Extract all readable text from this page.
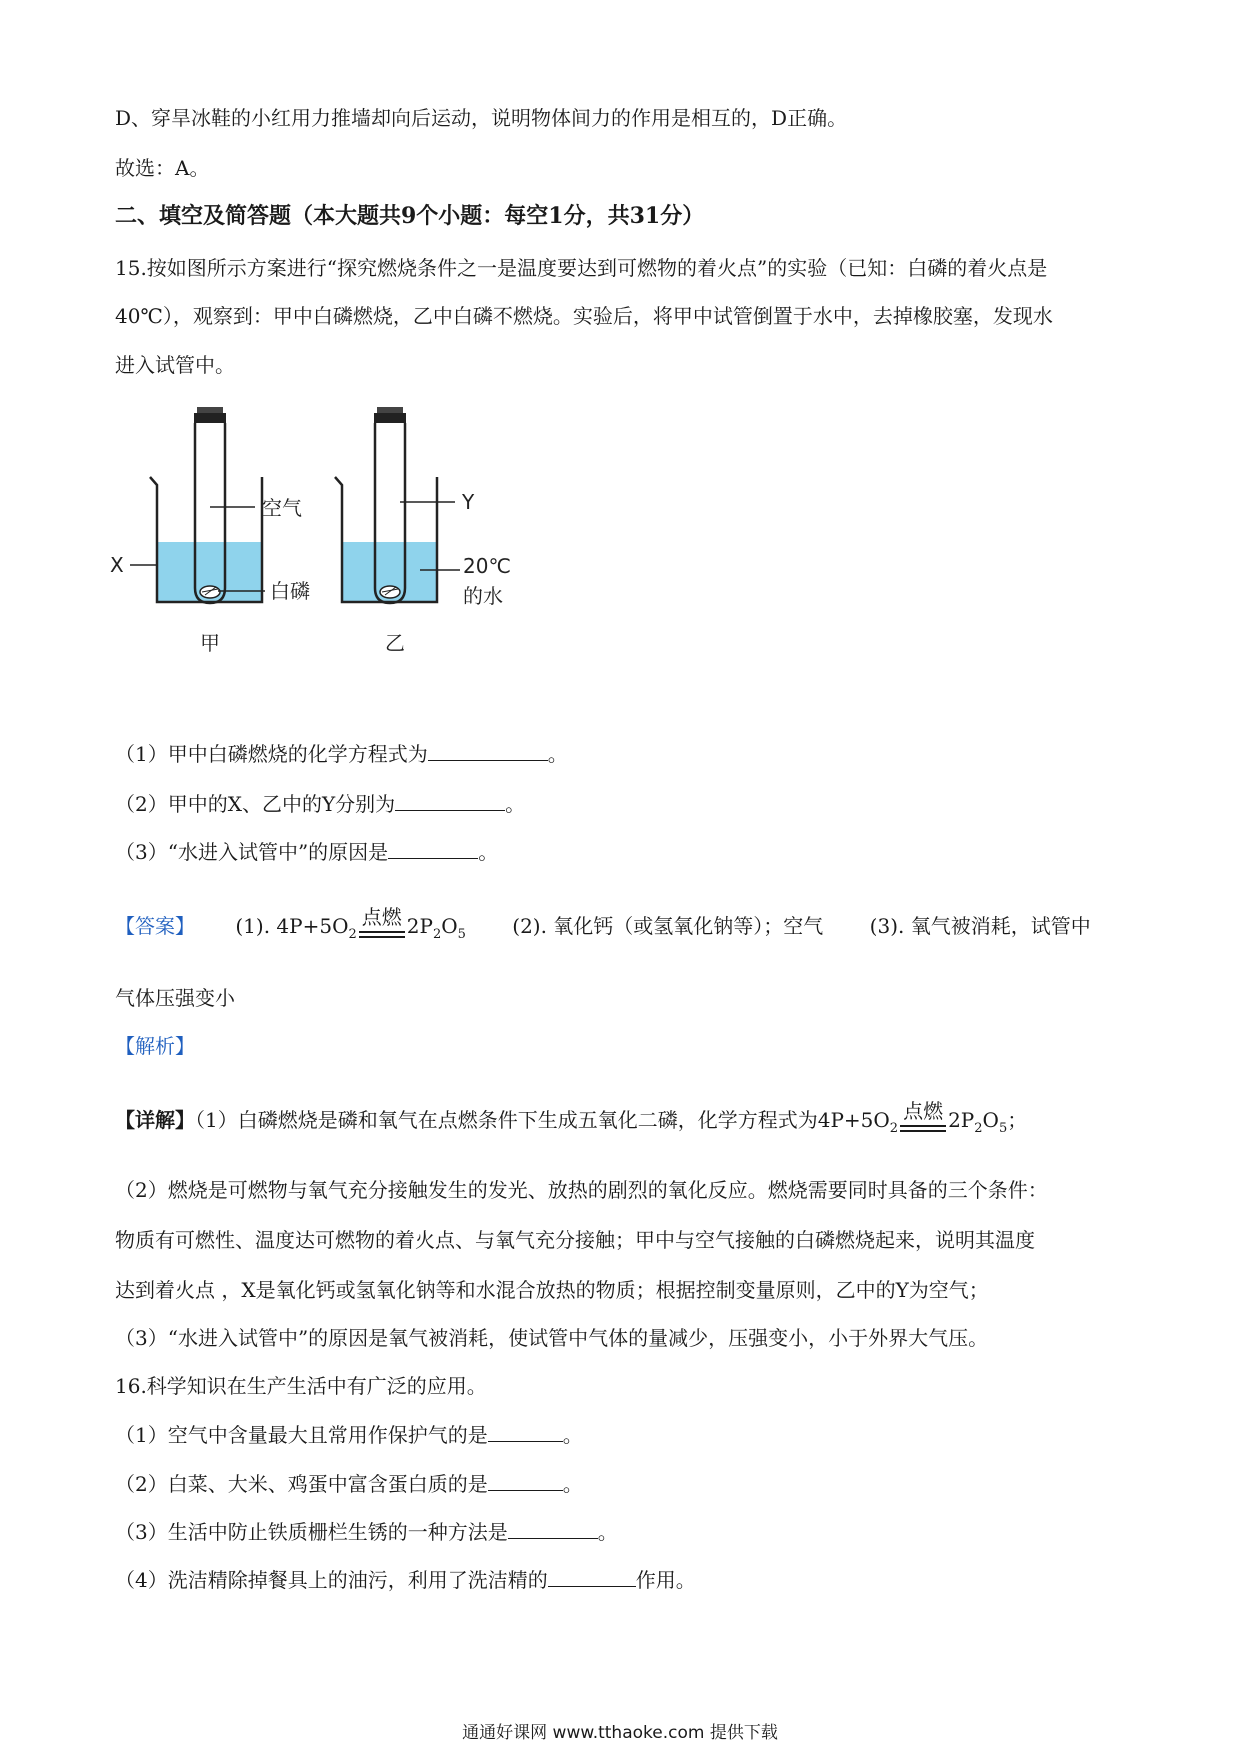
D、穿旱冰鞋的小红用力推墙却向后运动，说明物体间力的作用是相互的，D正确。
故选：A。
二、填空及简答题（本大题共9个小题：每空1分，共31分）
15.按如图所示方案进行“探究燃烧条件之一是温度要达到可燃物的着火点”的实验（已知：白磷的着火点是
40℃），观察到：甲中白磷燃烧，乙中白磷不燃烧。实验后，将甲中试管倒置于水中，去掉橡胶塞，发现水
进入试管中。
空气
X
白磷
Y
20℃
的水
甲	乙
（1）甲中白磷燃烧的化学方程式为	。
（2）甲中的X、乙中的Y分别为	。
（3）“水进入试管中”的原因是	。
【答案】 (1). $4P+5O_2$
点燃 $2P_2O_5$ (2). 氧化钙（或氢氧化钠等）；空气 (3). 氧气被消耗，试管中
气体压强变小
【解析】
【详解】（1）白磷燃烧是磷和氧气在点燃条件下生成五氧化二磷，化学方程式为$4P+5O_2$
点燃 $2P_2O_5$；
（2）燃烧是可燃物与氧气充分接触发生的发光、放热的剧烈的氧化反应。燃烧需要同时具备的三个条件：
物质有可燃性、温度达可燃物的着火点、与氧气充分接触；甲中与空气接触的白磷燃烧起来，说明其温度
达到着火点 ，X是氧化钙或氢氧化钠等和水混合放热的物质；根据控制变量原则，乙中的Y为空气；
（3）“水进入试管中”的原因是氧气被消耗，使试管中气体的量减少，压强变小，小于外界大气压。
16.科学知识在生产生活中有广泛的应用。
（1）空气中含量最大且常用作保护气的是	。
（2）白菜、大米、鸡蛋中富含蛋白质的是	。
（3）生活中防止铁质栅栏生锈的一种方法是	。
（4）洗洁精除掉餐具上的油污，利用了洗洁精的	作用。
通通好课网 www.tthaoke.com 提供下载
